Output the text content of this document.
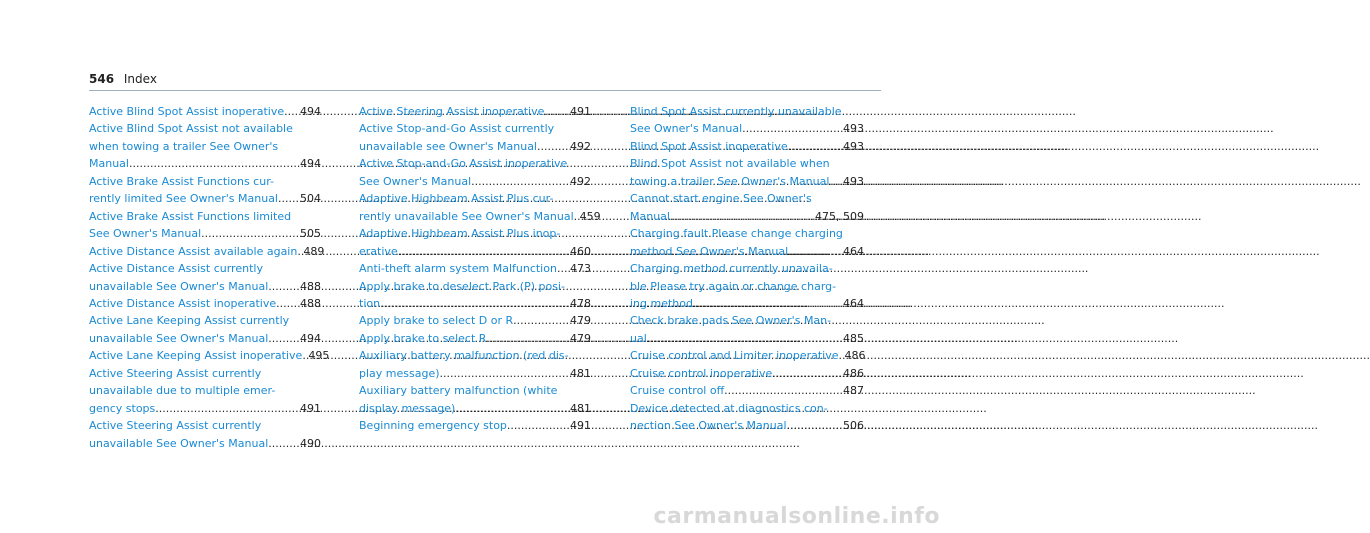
546 Index
Active Blind Spot Assist inoperative ..... 494
Active Blind Spot Assist not available
when towing a trailer See Owner's
Manual .....	494
Active Brake Assist Functions cur-
rently limited See Owner's Manual ..... 504
Active Brake Assist Functions limited
See Owner's Manual .....	505
Active Distance Assist available again ..... 489
Active Distance Assist currently
unavailable See Owner's Manual .....	488
Active Distance Assist inoperative ..... 488
Active Lane Keeping Assist currently
unavailable See Owner's Manual .....	494
Active Lane Keeping Assist inoperative ..... 495
Active Steering Assist currently
unavailable due to multiple emer-
gency stops .....	491
Active Steering Assist currently
unavailable See Owner's Manual .....	490
Active Steering Assist inoperative ..... 491
Active Stop-and-Go Assist currently
unavailable see Owner's Manual .....	492
Active Stop-and-Go Assist inoperative
See Owner's Manual .....	492
Adaptive Highbeam Assist Plus cur-
rently unavailable See Owner's Manual ..... 459
Adaptive Highbeam Assist Plus inop-
erative .....	460
Anti-theft alarm system Malfunction ..... 473
Apply brake to deselect Park (P) posi-
tion .....	478
Apply brake to select D or R .....	479
Apply brake to select R .....	479
Auxiliary battery malfunction (red dis-
play message) .....	481
Auxiliary battery malfunction (white
display message) .....	481
Beginning emergency stop .....	491
Blind Spot Assist currently unavailable
See Owner's Manual .....	493
Blind Spot Assist inoperative .....	493
Blind Spot Assist not available when
towing a trailer See Owner's Manual ..... 493
Cannot start engine See Owner's
Manual .....	475, 509
Charging fault Please change charging
method See Owner's Manual .....	464
Charging method currently unavaila-
ble Please try again or change charg-
ing method .....	464
Check brake pads See Owner's Man-
ual .....	485
Cruise control and Limiter inoperative ..... 486
Cruise control inoperative .....	486
Cruise control off .....	487
Device detected at diagnostics con-
nection See Owner's Manual .....	506
carmanualsonline.info
